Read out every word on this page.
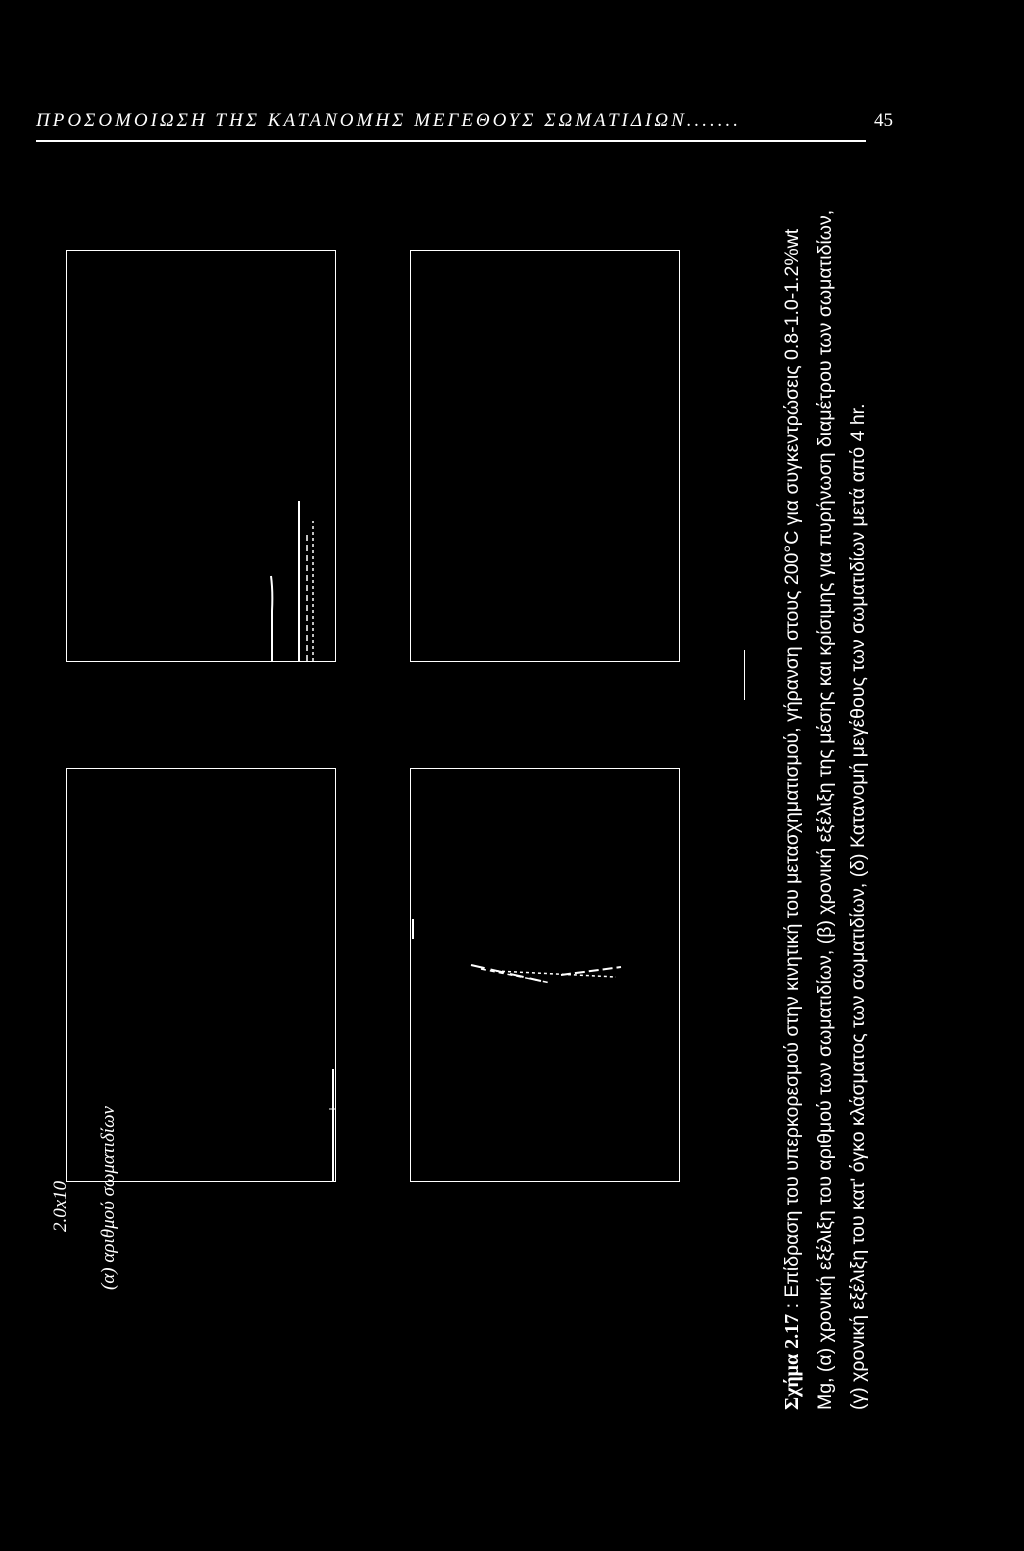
ΠΡΟΣΟΜΟΙΩΣΗ ΤΗΣ ΚΑΤΑΝΟΜΗΣ ΜΕΓΕΘΟΥΣ ΣΩΜΑΤΙΔΙΩΝ.......	45
2.0x10 (α) αριθμού σωματιδίων
Σχήμα 2.17 : Επίδραση του υπερκορεσμού στην κινητική του μετασχηματισμού, γήρανση στους 200°C για συγκεντρώσεις 0.8-1.0-1.2%wt Mg, (α) χρονική εξέλιξη του αριθμού των σωματιδίων, (β) χρονική εξέλιξη της μέσης και κρίσιμης για πυρήνωση διαμέτρου των σωματιδίων, (γ) χρονική εξέλιξη του κατ' όγκο κλάσματος των σωματιδίων, (δ) Κατανομή μεγέθους των σωματιδίων μετά από 4 hr.
